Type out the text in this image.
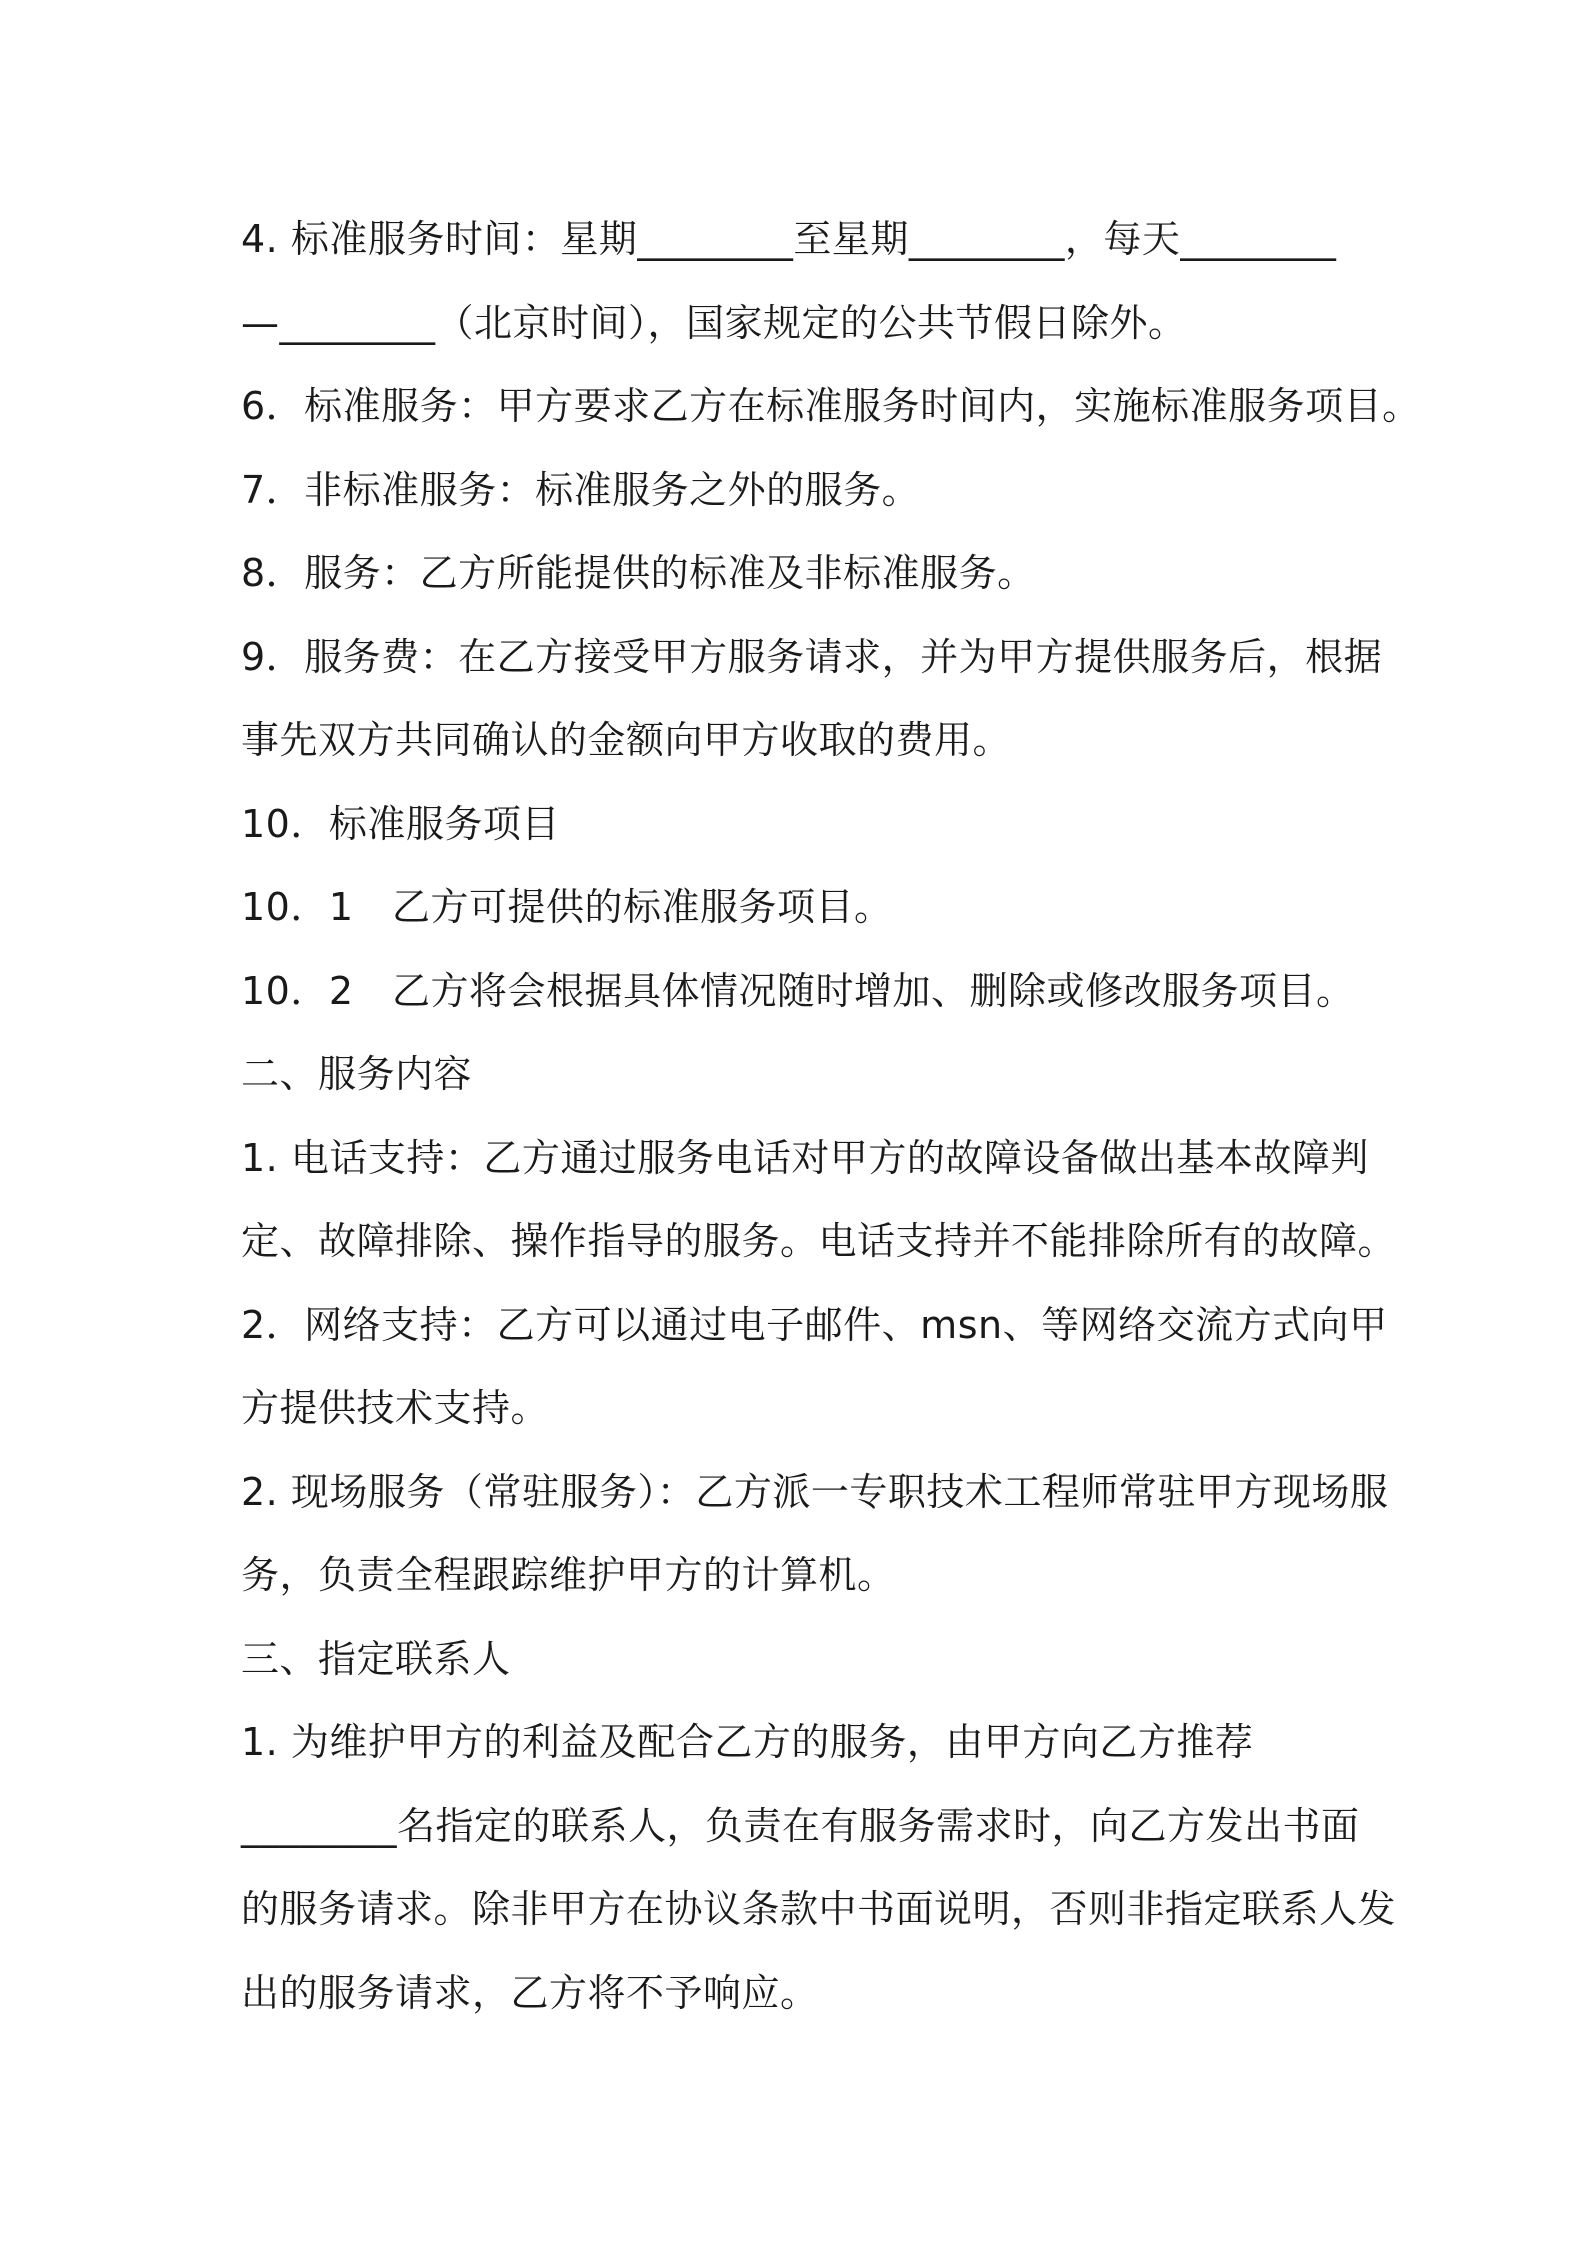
4. 标准服务时间：星期________至星期________，每天________
—________（北京时间），国家规定的公共节假日除外。
6．标准服务：甲方要求乙方在标准服务时间内，实施标准服务项目。
7．非标准服务：标准服务之外的服务。
8．服务：乙方所能提供的标准及非标准服务。
9．服务费：在乙方接受甲方服务请求，并为甲方提供服务后，根据
事先双方共同确认的金额向甲方收取的费用。
10．标准服务项目
10．1　乙方可提供的标准服务项目。
10．2　乙方将会根据具体情况随时增加、删除或修改服务项目。
二、服务内容
1. 电话支持：乙方通过服务电话对甲方的故障设备做出基本故障判
定、故障排除、操作指导的服务。电话支持并不能排除所有的故障。
2．网络支持：乙方可以通过电子邮件、msn、等网络交流方式向甲
方提供技术支持。
2. 现场服务（常驻服务）：乙方派一专职技术工程师常驻甲方现场服
务，负责全程跟踪维护甲方的计算机。
三、指定联系人
1. 为维护甲方的利益及配合乙方的服务，由甲方向乙方推荐
________名指定的联系人，负责在有服务需求时，向乙方发出书面
的服务请求。除非甲方在协议条款中书面说明，否则非指定联系人发
出的服务请求，乙方将不予响应。
